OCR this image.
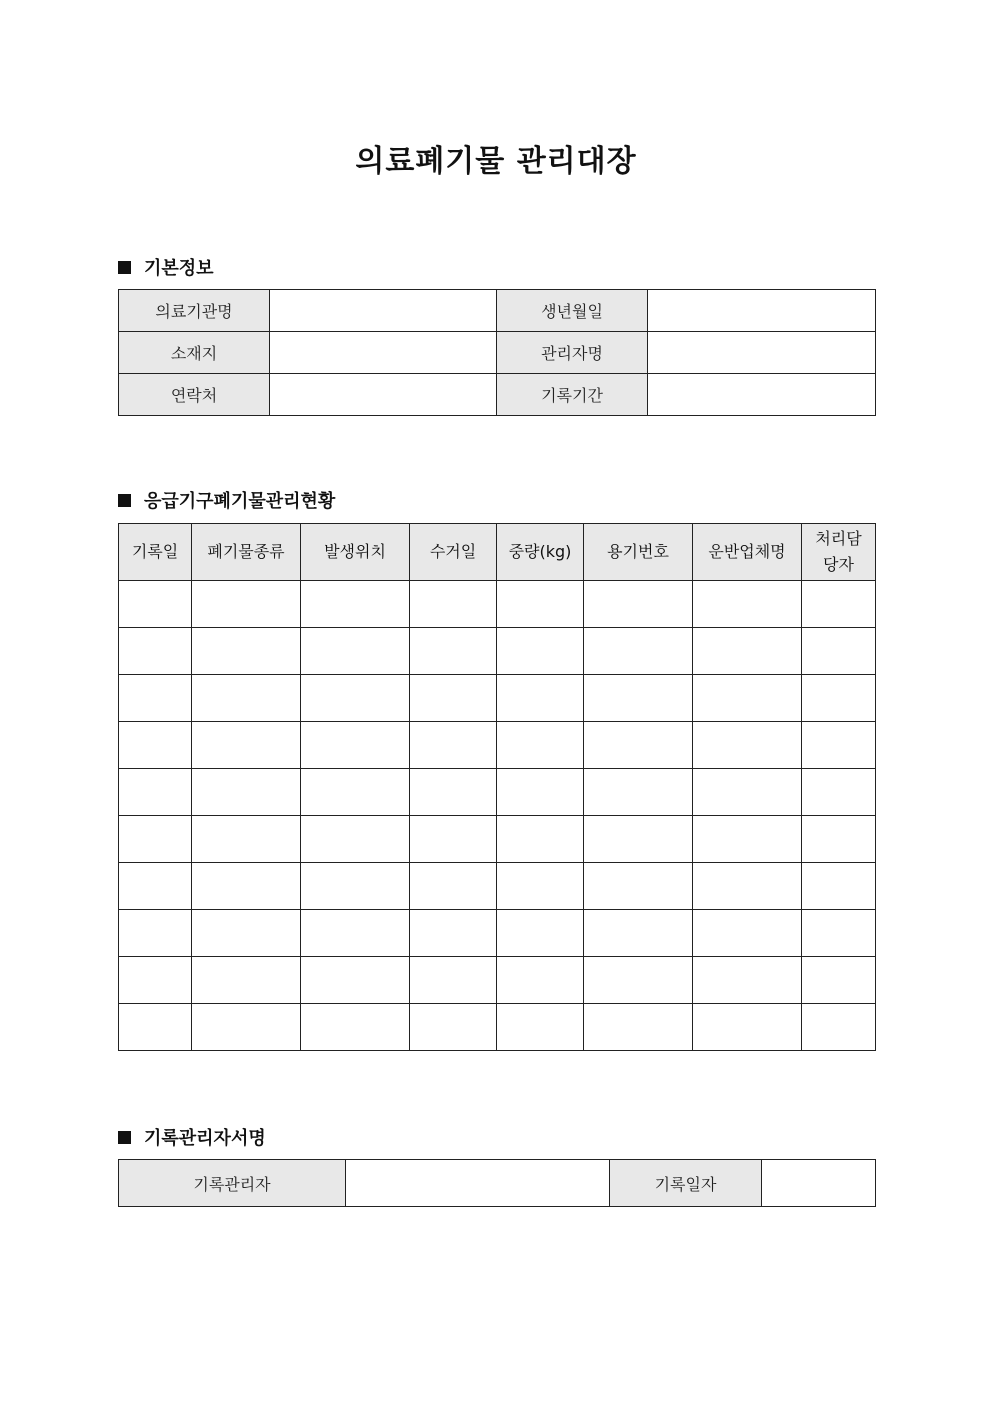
의료폐기물 관리대장
기본정보
의료기관명		생년월일	
소재지		관리자명	
연락처		기록기간	
응급기구폐기물관리현황
기록일	폐기물종류	발생위치	수거일	중량(kg)	용기번호	운반업체명	처리담당자

기록관리자서명
기록관리자		기록일자	
